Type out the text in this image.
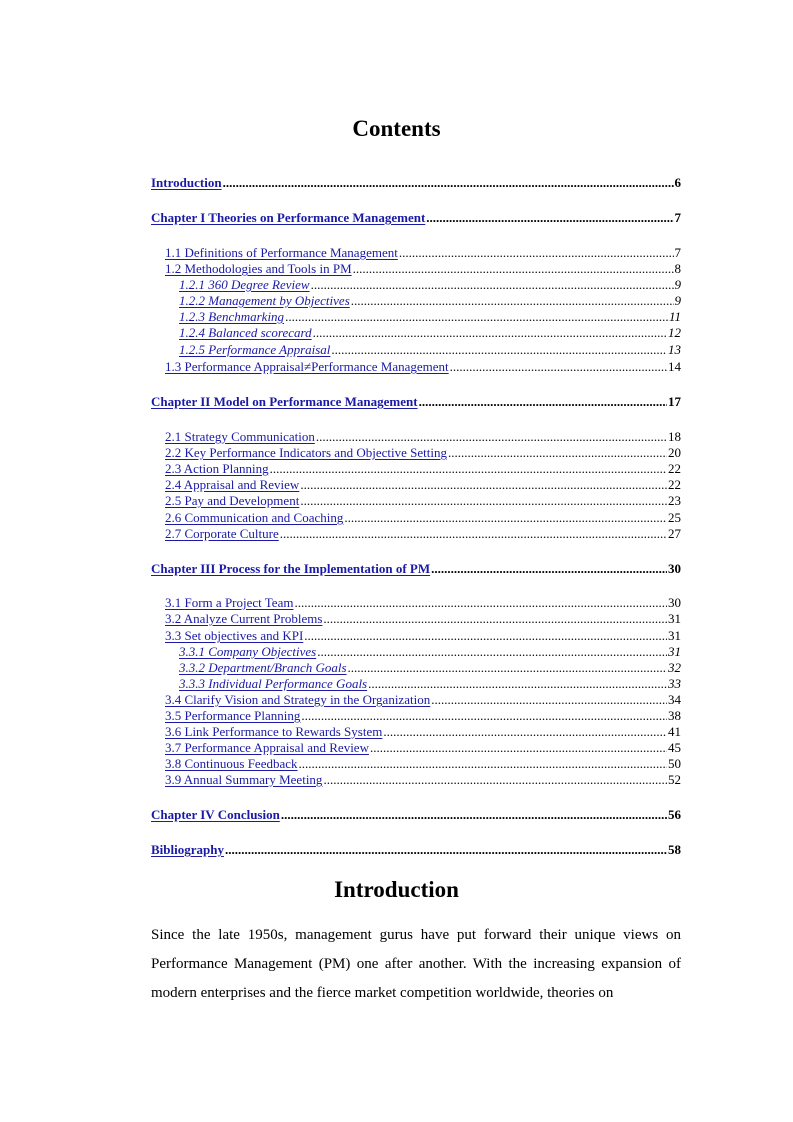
Contents
Introduction .....	6
Chapter I Theories on Performance Management .....	7
1.1 Definitions of Performance Management .....	7
1.2 Methodologies and Tools in PM .....	8
1.2.1 360 Degree Review .....	9
1.2.2 Management by Objectives .....	9
1.2.3 Benchmarking .....	11
1.2.4 Balanced scorecard .....	12
1.2.5 Performance Appraisal .....	13
1.3 Performance Appraisal≠Performance Management .....	14
Chapter II Model on Performance Management .....	17
2.1 Strategy Communication .....	18
2.2 Key Performance Indicators and Objective Setting .....	20
2.3 Action Planning .....	22
2.4 Appraisal and Review .....	22
2.5 Pay and Development .....	23
2.6 Communication and Coaching .....	25
2.7 Corporate Culture .....	27
Chapter III Process for the Implementation of PM .....	30
3.1 Form a Project Team .....	30
3.2 Analyze Current Problems .....	31
3.3 Set objectives and KPI .....	31
3.3.1 Company Objectives .....	31
3.3.2 Department/Branch Goals .....	32
3.3.3 Individual Performance Goals .....	33
3.4 Clarify Vision and Strategy in the Organization .....	34
3.5 Performance Planning .....	38
3.6 Link Performance to Rewards System .....	41
3.7 Performance Appraisal and Review .....	45
3.8 Continuous Feedback .....	50
3.9 Annual Summary Meeting .....	52
Chapter IV Conclusion .....	56
Bibliography .....	58
Introduction

Since the late 1950s, management gurus have put forward their unique views on Performance Management (PM) one after another. With the increasing expansion of modern enterprises and the fierce market competition worldwide, theories on
